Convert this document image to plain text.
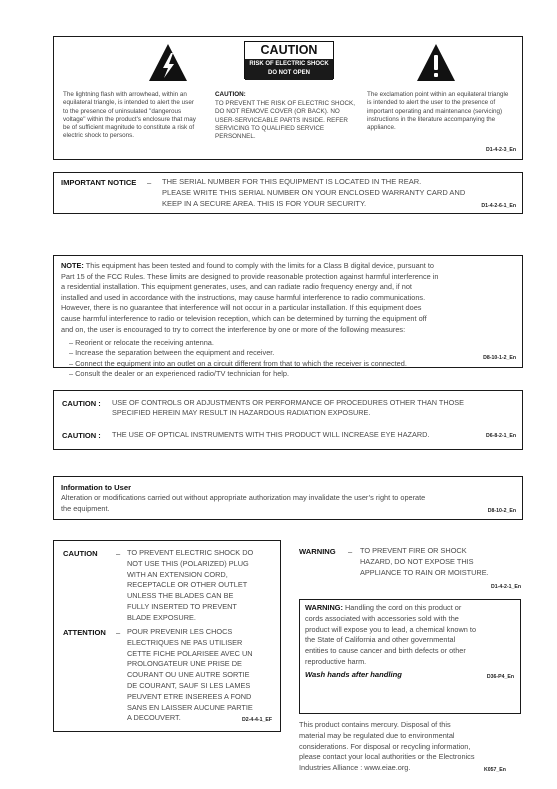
CAUTION
RISK OF ELECTRIC SHOCK
DO NOT OPEN
The lightning flash with arrowhead, within an equilateral triangle, is intended to alert the user to the presence of uninsulated "dangerous voltage" within the product's enclosure that may be of sufficient magnitude to constitute a risk of electric shock to persons.
CAUTION:
TO PREVENT THE RISK OF ELECTRIC SHOCK, DO NOT REMOVE COVER (OR BACK). NO USER-SERVICEABLE PARTS INSIDE. REFER SERVICING TO QUALIFIED SERVICE PERSONNEL.
The exclamation point within an equilateral triangle is intended to alert the user to the presence of important operating and maintenance (servicing) instructions in the literature accompanying the appliance.
D1-4-2-3_En
IMPORTANT NOTICE – THE SERIAL NUMBER FOR THIS EQUIPMENT IS LOCATED IN THE REAR.
PLEASE WRITE THIS SERIAL NUMBER ON YOUR ENCLOSED WARRANTY CARD AND
KEEP IN A SECURE AREA. THIS IS FOR YOUR SECURITY.	D1-4-2-6-1_En
NOTE: This equipment has been tested and found to comply with the limits for a Class B digital device, pursuant to
Part 15 of the FCC Rules. These limits are designed to provide reasonable protection against harmful interference in
a residential installation. This equipment generates, uses, and can radiate radio frequency energy and, if not
installed and used in accordance with the instructions, may cause harmful interference to radio communications.
However, there is no guarantee that interference will not occur in a particular installation. If this equipment does
cause harmful interference to radio or television reception, which can be determined by turning the equipment off
and on, the user is encouraged to try to correct the interference by one or more of the following measures:
– Reorient or relocate the receiving antenna.
– Increase the separation between the equipment and receiver.
– Connect the equipment into an outlet on a circuit different from that to which the receiver is connected.
– Consult the dealer or an experienced radio/TV technician for help.
D8-10-1-2_En
CAUTION : USE OF CONTROLS OR ADJUSTMENTS OR PERFORMANCE OF PROCEDURES OTHER THAN THOSE
SPECIFIED HEREIN MAY RESULT IN HAZARDOUS RADIATION EXPOSURE.
CAUTION : THE USE OF OPTICAL INSTRUMENTS WITH THIS PRODUCT WILL INCREASE EYE HAZARD.	D6-8-2-1_En
Information to User
Alteration or modifications carried out without appropriate authorization may invalidate the user’s right to operate
the equipment.	D8-10-2_En
CAUTION – TO PREVENT ELECTRIC SHOCK DO
NOT USE THIS (POLARIZED) PLUG
WITH AN EXTENSION CORD,
RECEPTACLE OR OTHER OUTLET
UNLESS THE BLADES CAN BE
FULLY INSERTED TO PREVENT
BLADE EXPOSURE.
ATTENTION – POUR PREVENIR LES CHOCS
ELECTRIQUES NE PAS UTILISER
CETTE FICHE POLARISEE AVEC UN
PROLONGATEUR UNE PRISE DE
COURANT OU UNE AUTRE SORTIE
DE COURANT, SAUF SI LES LAMES
PEUVENT ETRE INSEREES A FOND
SANS EN LAISSER AUCUNE PARTIE
A DECOUVERT.	D2-4-4-1_EF
WARNING – TO PREVENT FIRE OR SHOCK
HAZARD, DO NOT EXPOSE THIS
APPLIANCE TO RAIN OR MOISTURE.
D1-4-2-1_En
WARNING: Handling the cord on this product or
cords associated with accessories sold with the
product will expose you to lead, a chemical known to
the State of California and other governmental
entities to cause cancer and birth defects or other
reproductive harm.
Wash hands after handling	D36-P4_En
This product contains mercury. Disposal of this
material may be regulated due to environmental
considerations. For disposal or recycling information,
please contact your local authorities or the Electronics
Industries Alliance : www.eiae.org.	K057_En
